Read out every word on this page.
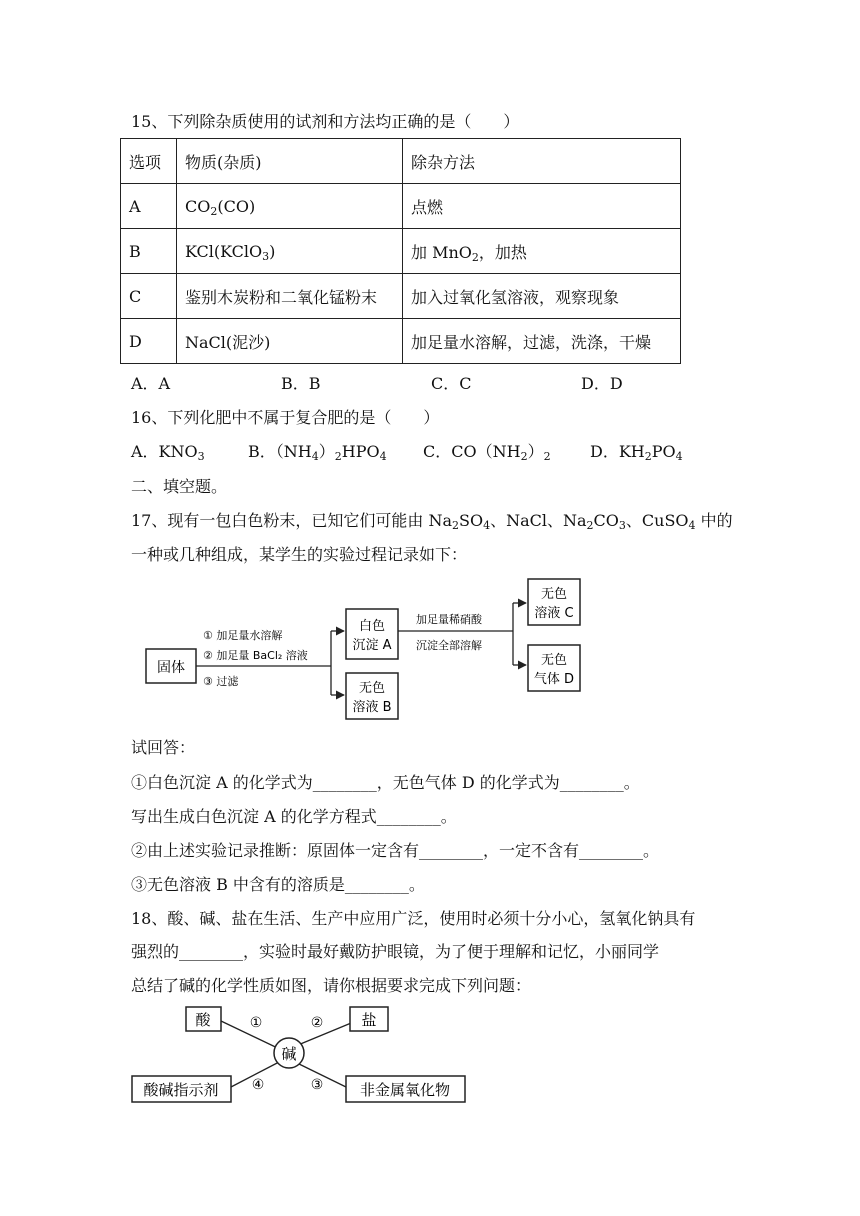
15、下列除杂质使用的试剂和方法均正确的是（　　）
选项	物质(杂质)	除杂方法
A	$CO_2(CO)$	点燃
B	KCl(KClO$_3$)	加 MnO$_2$，加热
C	鉴别木炭粉和二氧化锰粉末	加入过氧化氢溶液，观察现象
D	NaCl(泥沙)	加足量水溶解，过滤，洗涤，干燥
A．A	B．B	C．C	D．D
16、下列化肥中不属于复合肥的是（　　）
A．$KNO_3$	B．$(NH_4)_2HPO_4$ C．$CO(NH_2)_2$ D．$KH_2PO_4$
二、填空题。
17、现有一包白色粉末，已知它们可能由 $Na_2SO_4$、NaCl、$Na_2CO_3$、CuSO$_4$ 中的
一种或几种组成，某学生的实验过程记录如下：
固体
① 加足量水溶解
② 加足量 BaCl₂ 溶液
③ 过滤
白色
沉淀 A
无色
溶液 B
加足量稀硝酸
沉淀全部溶解
无色
溶液 C
无色
气体 D
试回答：
①白色沉淀 A 的化学式为________，无色气体 D 的化学式为________。
写出生成白色沉淀 A 的化学方程式________。
②由上述实验记录推断：原固体一定含有________，一定不含有________。
③无色溶液 B 中含有的溶质是________。
18、酸、碱、盐在生活、生产中应用广泛，使用时必须十分小心，氢氧化钠具有
强烈的________，实验时最好戴防护眼镜，为了便于理解和记忆，小丽同学
总结了碱的化学性质如图，请你根据要求完成下列问题：
碱
酸	盐
酸碱指示剂	非金属氧化物
①	②
③
④
